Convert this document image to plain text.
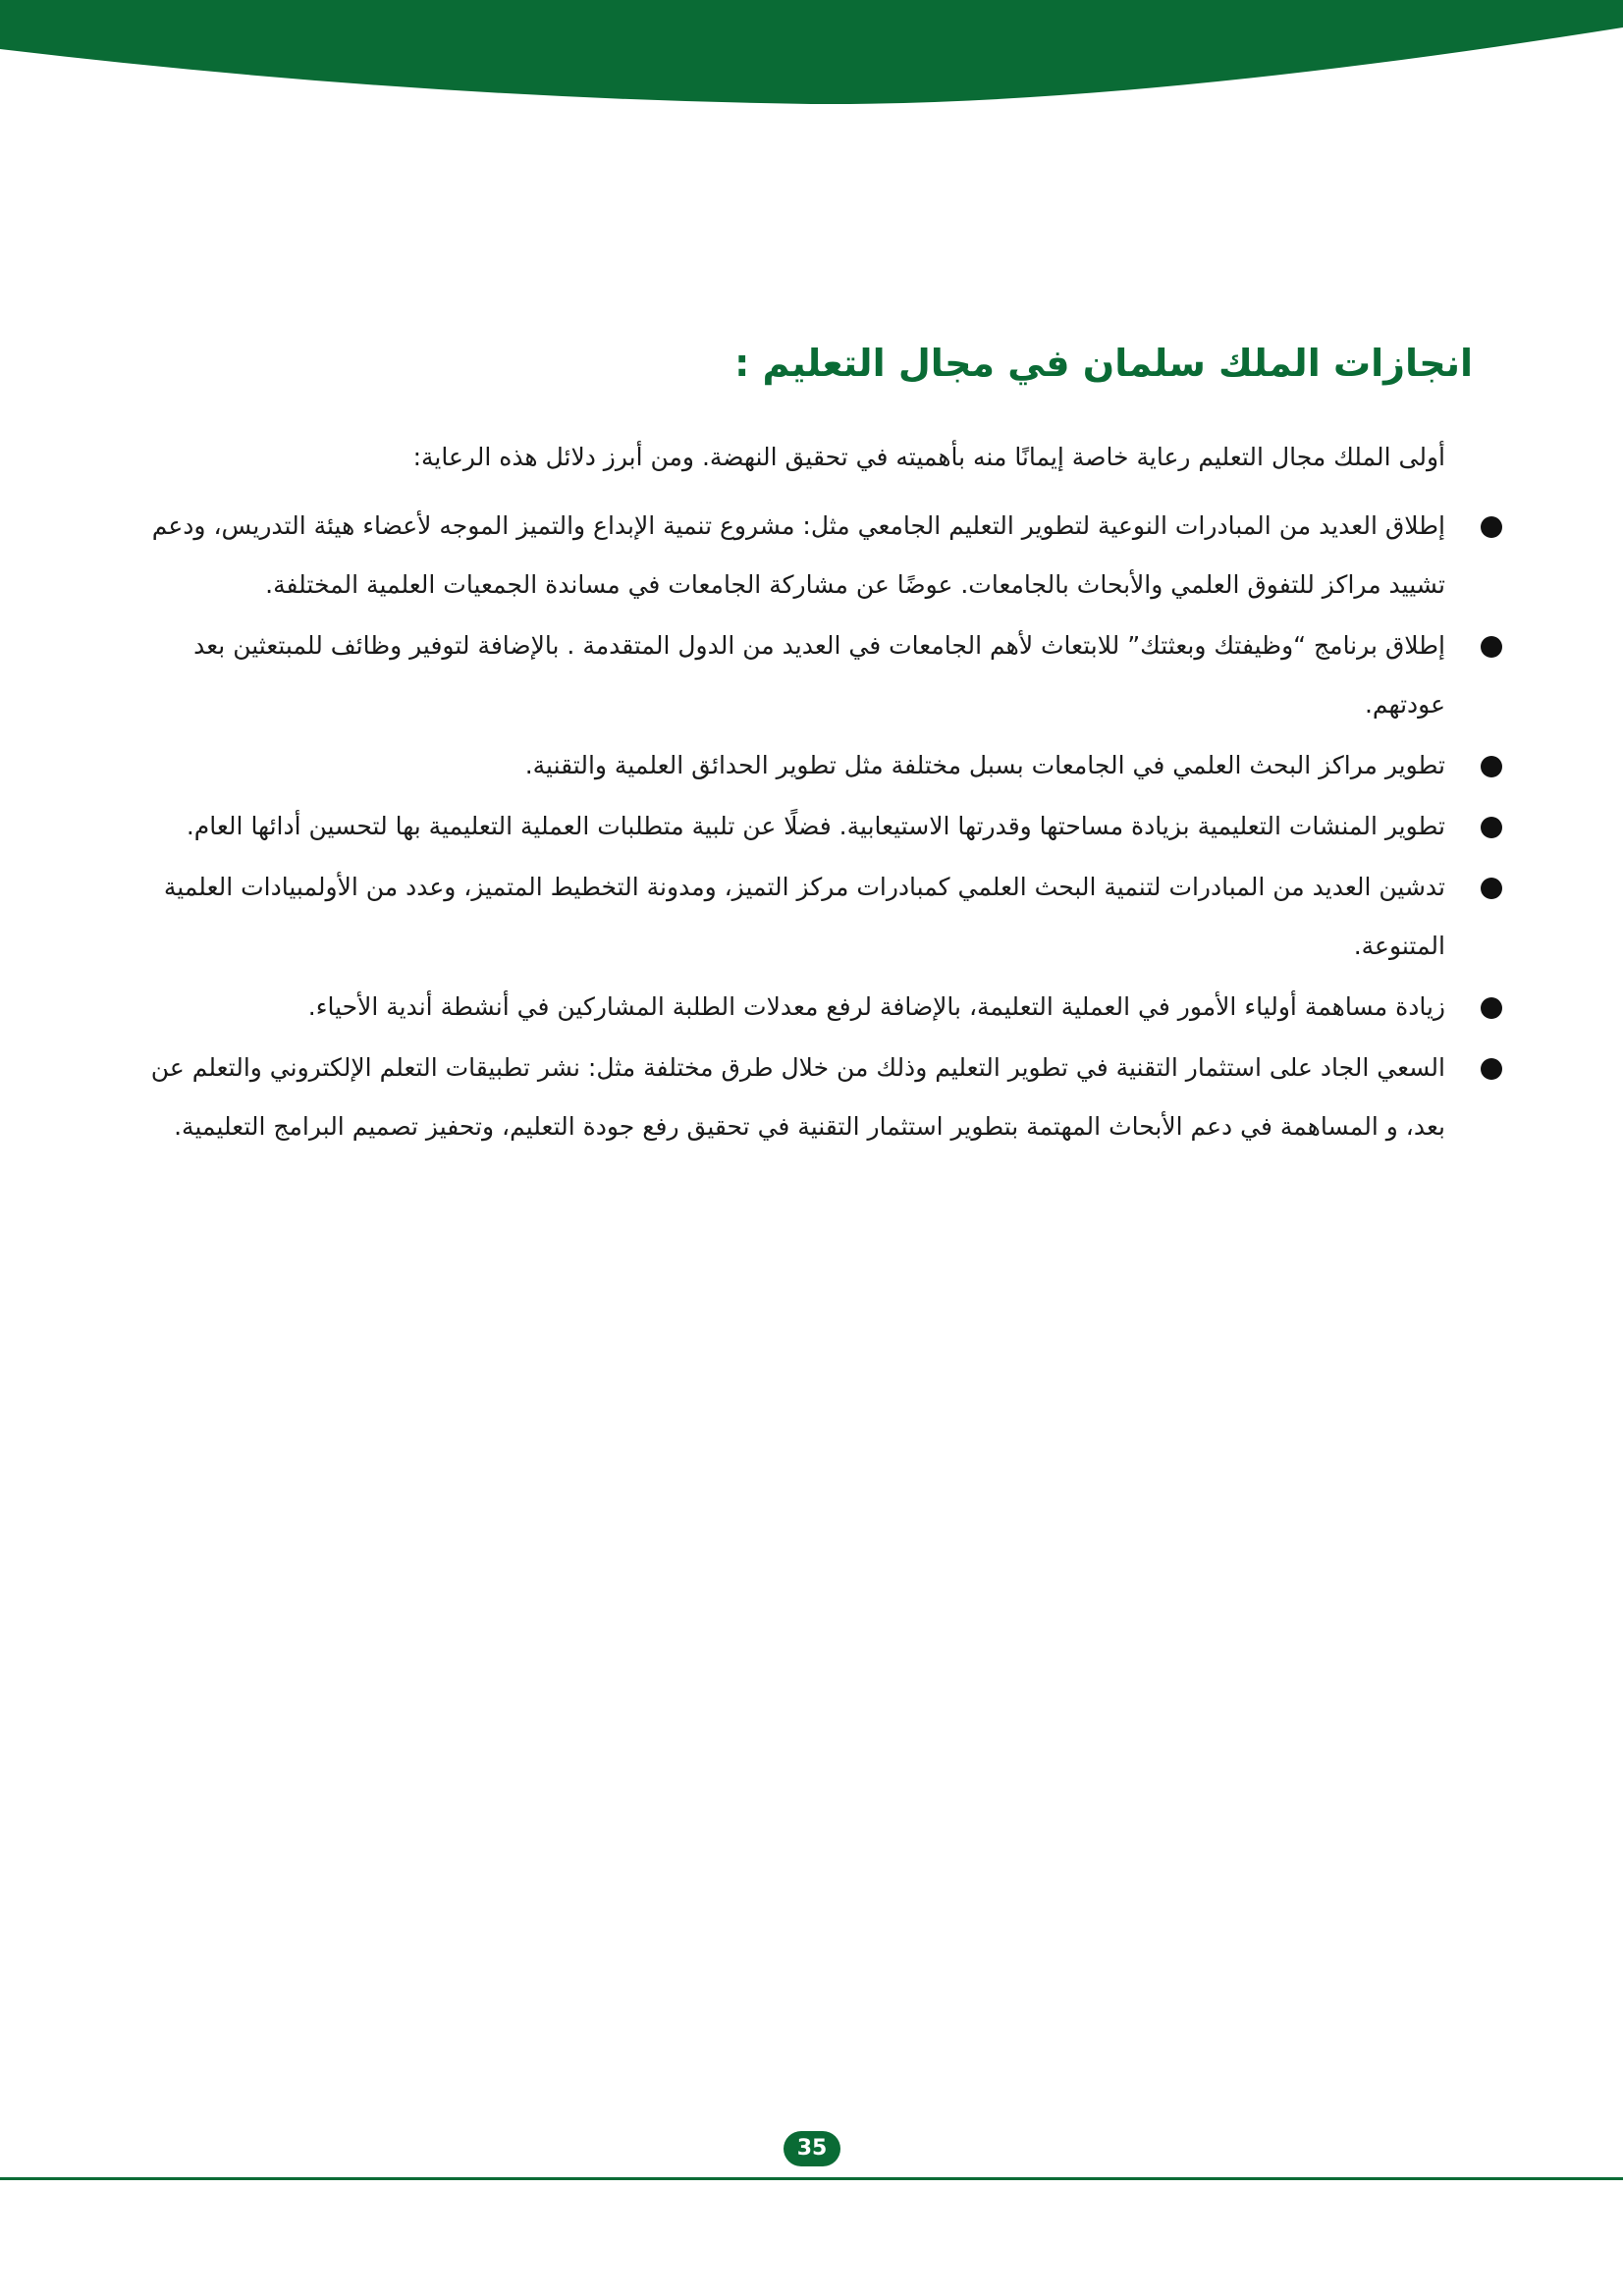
انجازات الملك سلمان في مجال التعليم :

أولى الملك مجال التعليم رعاية خاصة إيمانًا منه بأهميته في تحقيق النهضة. ومن أبرز دلائل هذه الرعاية:

إطلاق العديد من المبادرات النوعية لتطوير التعليم الجامعي مثل: مشروع تنمية الإبداع والتميز الموجه لأعضاء هيئة التدريس، ودعم تشييد مراكز للتفوق العلمي والأبحاث بالجامعات. عوضًا عن مشاركة الجامعات في مساندة الجمعيات العلمية المختلفة.
إطلاق برنامج “وظيفتك وبعثتك” للابتعاث لأهم الجامعات في العديد من الدول المتقدمة . بالإضافة لتوفير وظائف للمبتعثين بعد عودتهم.
تطوير مراكز البحث العلمي في الجامعات بسبل مختلفة مثل تطوير الحدائق العلمية والتقنية.
تطوير المنشات التعليمية بزيادة مساحتها وقدرتها الاستيعابية. فضلًا عن تلبية متطلبات العملية التعليمية بها لتحسين أدائها العام.
تدشين العديد من المبادرات لتنمية البحث العلمي كمبادرات مركز التميز، ومدونة التخطيط المتميز، وعدد من الأولمبيادات العلمية المتنوعة.
زيادة مساهمة أولياء الأمور في العملية التعليمة، بالإضافة لرفع معدلات الطلبة المشاركين في أنشطة أندية الأحياء.
السعي الجاد على استثمار التقنية في تطوير التعليم وذلك من خلال طرق مختلفة مثل: نشر تطبيقات التعلم الإلكتروني والتعلم عن بعد، و المساهمة في دعم الأبحاث المهتمة بتطوير استثمار التقنية في تحقيق رفع جودة التعليم، وتحفيز تصميم البرامج التعليمية.
35
